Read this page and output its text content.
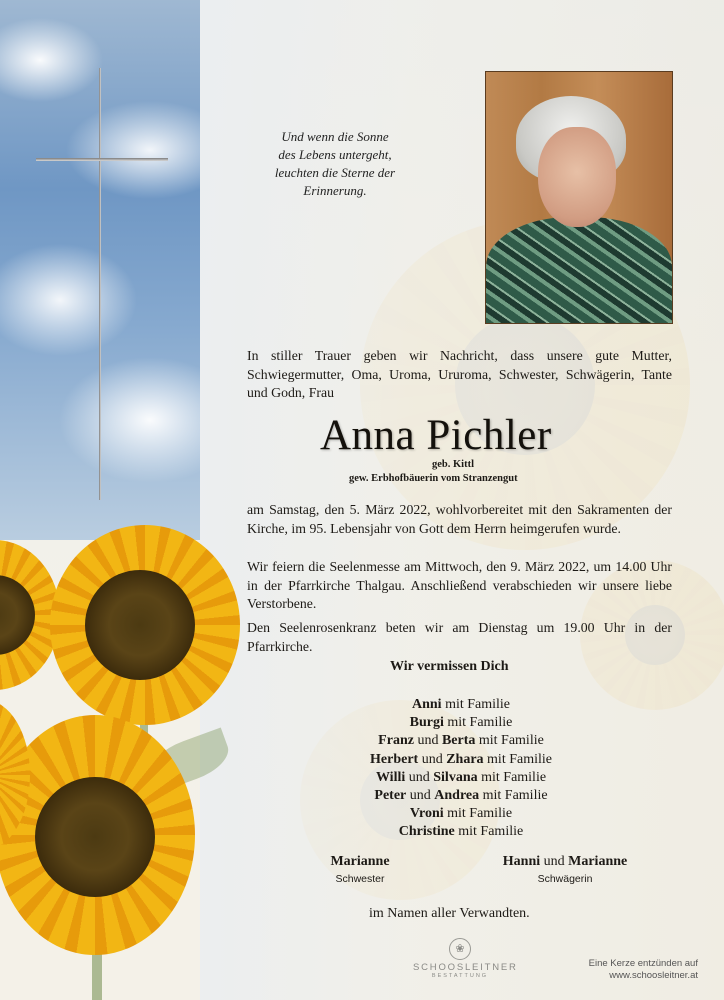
Und wenn die Sonne
des Lebens untergeht,
leuchten die Sterne der
Erinnerung.
In stiller Trauer geben wir Nachricht, dass unsere gute Mutter, Schwiegermutter, Oma, Uroma, Ururoma, Schwester, Schwägerin, Tante und Godn, Frau
Anna Pichler
geb. Kittl
gew. Erbhofbäuerin vom Stranzengut
am Samstag, den 5. März 2022, wohlvorbereitet mit den Sakramenten der Kirche, im 95. Lebensjahr von Gott dem Herrn heimgerufen wurde.
Wir feiern die Seelenmesse am Mittwoch, den 9. März 2022, um 14.00 Uhr in der Pfarrkirche Thalgau. Anschließend verabschieden wir unsere liebe Verstorbene.
Den Seelenrosenkranz beten wir am Dienstag um 19.00 Uhr in der Pfarrkirche.
Wir vermissen Dich
Anni mit Familie
Burgi mit Familie
Franz und Berta mit Familie
Herbert und Zhara mit Familie
Willi und Silvana mit Familie
Peter und Andrea mit Familie
Vroni mit Familie
Christine mit Familie
Marianne
Schwester
Hanni und Marianne
Schwägerin
im Namen aller Verwandten.
❀
SCHOOSLEITNER
BESTATTUNG
Eine Kerze entzünden auf
www.schoosleitner.at
